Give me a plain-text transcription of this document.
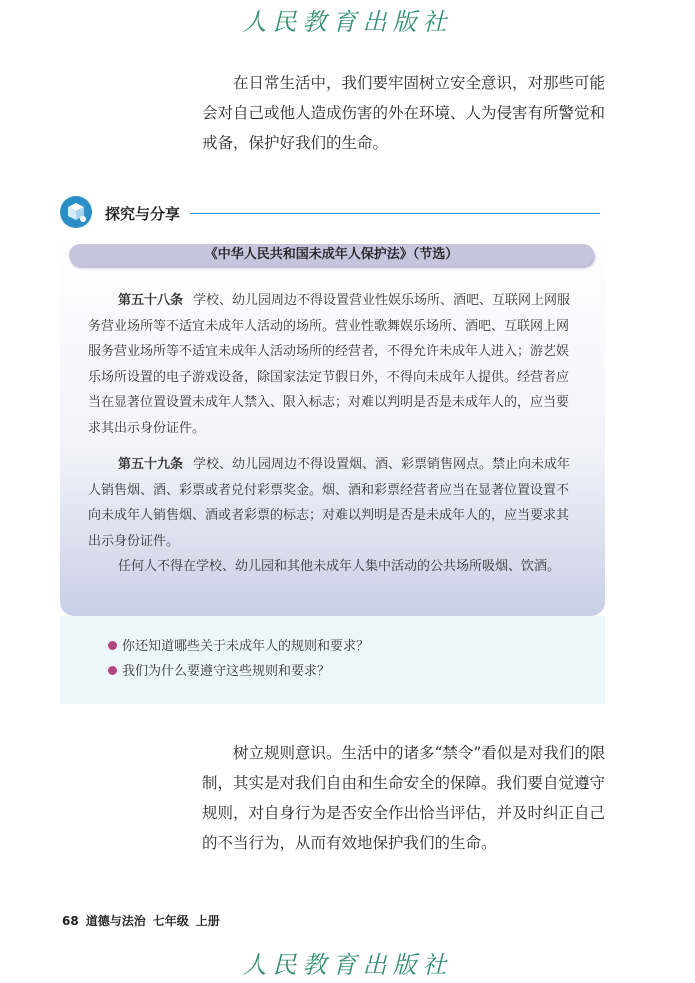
人民教育出版社

在日常生活中，我们要牢固树立安全意识，对那些可能会对自己或他人造成伤害的外在环境、人为侵害有所警觉和戒备，保护好我们的生命。

探究与分享
《中华人民共和国未成年人保护法》（节选）

第五十八条 学校、幼儿园周边不得设置营业性娱乐场所、酒吧、互联网上网服务营业场所等不适宜未成年人活动的场所。营业性歌舞娱乐场所、酒吧、互联网上网服务营业场所等不适宜未成年人活动场所的经营者，不得允许未成年人进入；游艺娱乐场所设置的电子游戏设备，除国家法定节假日外，不得向未成年人提供。经营者应当在显著位置设置未成年人禁入、限入标志；对难以判明是否是未成年人的，应当要求其出示身份证件。

第五十九条 学校、幼儿园周边不得设置烟、酒、彩票销售网点。禁止向未成年人销售烟、酒、彩票或者兑付彩票奖金。烟、酒和彩票经营者应当在显著位置设置不向未成年人销售烟、酒或者彩票的标志；对难以判明是否是未成年人的，应当要求其出示身份证件。

任何人不得在学校、幼儿园和其他未成年人集中活动的公共场所吸烟、饮酒。

你还知道哪些关于未成年人的规则和要求？
我们为什么要遵守这些规则和要求？

树立规则意识。生活中的诸多“禁令”看似是对我们的限制，其实是对我们自由和生命安全的保障。我们要自觉遵守规则，对自身行为是否安全作出恰当评估，并及时纠正自己的不当行为，从而有效地保护我们的生命。

68 道德与法治 七年级 上册
人民教育出版社
